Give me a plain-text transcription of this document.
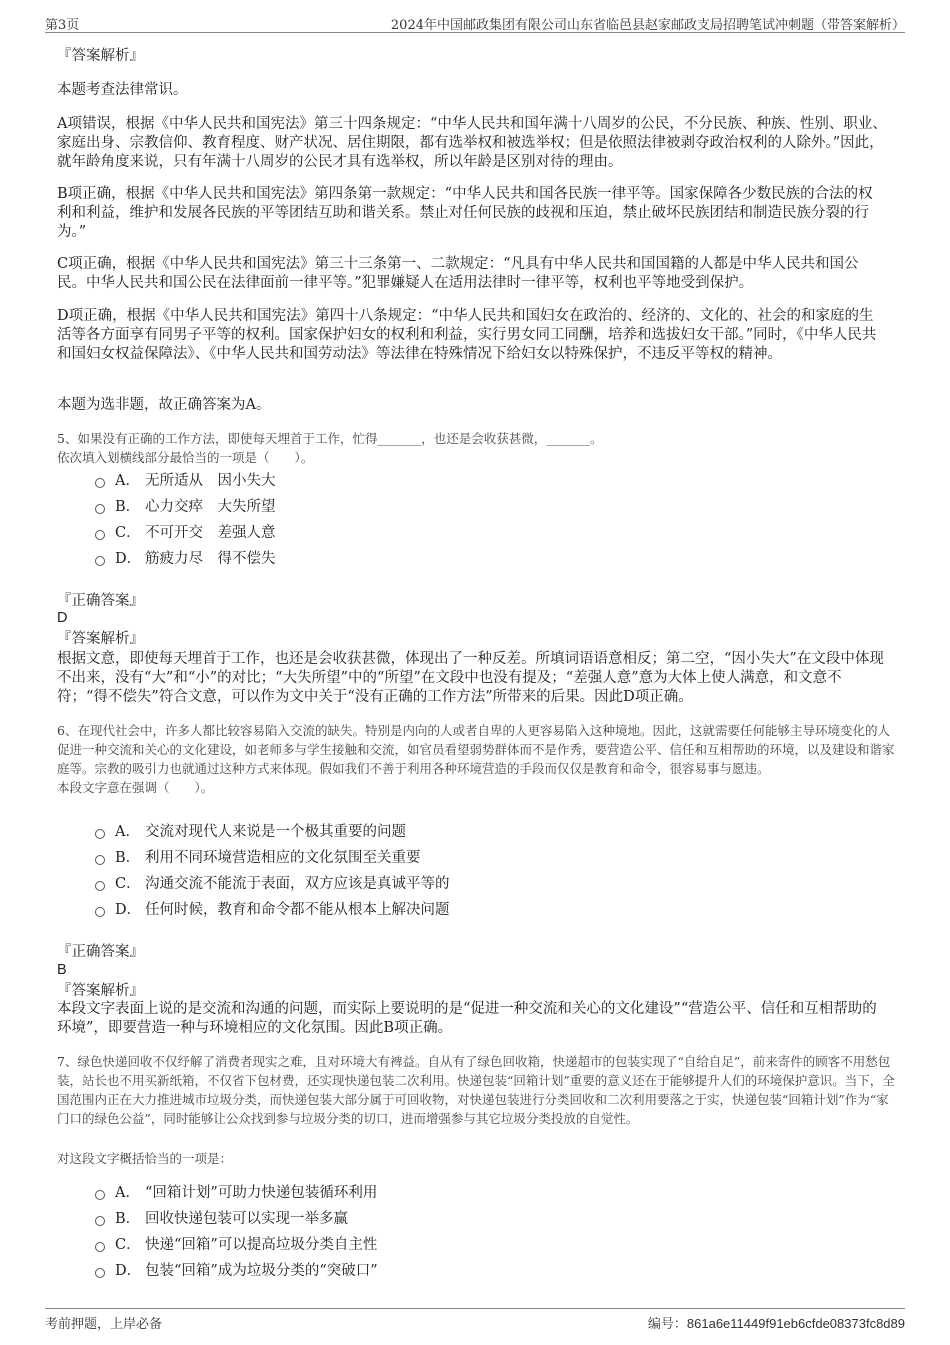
第3页	2024年中国邮政集团有限公司山东省临邑县赵家邮政支局招聘笔试冲刺题（带答案解析）
『答案解析』
本题考查法律常识。
A项错误，根据《中华人民共和国宪法》第三十四条规定：“中华人民共和国年满十八周岁的公民，不分民族、种族、性别、职业、家庭出身、宗教信仰、教育程度、财产状况、居住期限，都有选举权和被选举权；但是依照法律被剥夺政治权利的人除外。”因此，就年龄角度来说，只有年满十八周岁的公民才具有选举权，所以年龄是区别对待的理由。
B项正确，根据《中华人民共和国宪法》第四条第一款规定：“中华人民共和国各民族一律平等。国家保障各少数民族的合法的权利和利益，维护和发展各民族的平等团结互助和谐关系。禁止对任何民族的歧视和压迫，禁止破坏民族团结和制造民族分裂的行为。”
C项正确，根据《中华人民共和国宪法》第三十三条第一、二款规定：“凡具有中华人民共和国国籍的人都是中华人民共和国公民。中华人民共和国公民在法律面前一律平等。”犯罪嫌疑人在适用法律时一律平等，权利也平等地受到保护。
D项正确，根据《中华人民共和国宪法》第四十八条规定：“中华人民共和国妇女在政治的、经济的、文化的、社会的和家庭的生活等各方面享有同男子平等的权利。国家保护妇女的权利和利益，实行男女同工同酬，培养和选拔妇女干部。”同时，《中华人民共和国妇女权益保障法》、《中华人民共和国劳动法》等法律在特殊情况下给妇女以特殊保护，不违反平等权的精神。
本题为选非题，故正确答案为A。

5、如果没有正确的工作方法，即使每天埋首于工作，忙得_______，也还是会收获甚微，_______。

依次填入划横线部分最恰当的一项是（　　）。

A． 无所适从　因小失大
B． 心力交瘁　大失所望
C． 不可开交　差强人意
D． 筋疲力尽　得不偿失
『正确答案』
D
『答案解析』
根据文意，即使每天埋首于工作，也还是会收获甚微，体现出了一种反差。所填词语语意相反；第二空，“因小失大”在文段中体现不出来，没有“大”和“小”的对比；“大失所望”中的“所望”在文段中也没有提及；“差强人意”意为大体上使人满意，和文意不符；“得不偿失”符合文意，可以作为文中关于“没有正确的工作方法”所带来的后果。因此D项正确。

6、在现代社会中，许多人都比较容易陷入交流的缺失。特别是内向的人或者自卑的人更容易陷入这种境地。因此，这就需要任何能够主导环境变化的人促进一种交流和关心的文化建设，如老师多与学生接触和交流，如官员看望弱势群体而不是作秀，要营造公平、信任和互相帮助的环境，以及建设和谐家庭等。宗教的吸引力也就通过这种方式来体现。假如我们不善于利用各种环境营造的手段而仅仅是教育和命令，很容易事与愿违。

本段文字意在强调（　　）。

A． 交流对现代人来说是一个极其重要的问题
B． 利用不同环境营造相应的文化氛围至关重要
C． 沟通交流不能流于表面，双方应该是真诚平等的
D． 任何时候，教育和命令都不能从根本上解决问题
『正确答案』
B
『答案解析』
本段文字表面上说的是交流和沟通的问题，而实际上要说明的是“促进一种交流和关心的文化建设”“营造公平、信任和互相帮助的环境”，即要营造一种与环境相应的文化氛围。因此B项正确。

7、绿色快递回收不仅纾解了消费者现实之难，且对环境大有裨益。自从有了绿色回收箱，快递超市的包装实现了“自给自足”，前来寄件的顾客不用愁包装，站长也不用买新纸箱，不仅省下包材费，还实现快递包装二次利用。快递包装“回箱计划”重要的意义还在于能够提升人们的环境保护意识。当下，全国范围内正在大力推进城市垃圾分类，而快递包装大部分属于可回收物，对快递包装进行分类回收和二次利用要落之于实，快递包装“回箱计划”作为“家门口的绿色公益”，同时能够让公众找到参与垃圾分类的切口，进而增强参与其它垃圾分类投放的自觉性。

对这段文字概括恰当的一项是：

A． “回箱计划”可助力快递包装循环利用
B． 回收快递包装可以实现一举多赢
C． 快递“回箱”可以提高垃圾分类自主性
D． 包装“回箱”成为垃圾分类的“突破口”
考前押题，上岸必备	编号：861a6e11449f91eb6cfde08373fc8d89
